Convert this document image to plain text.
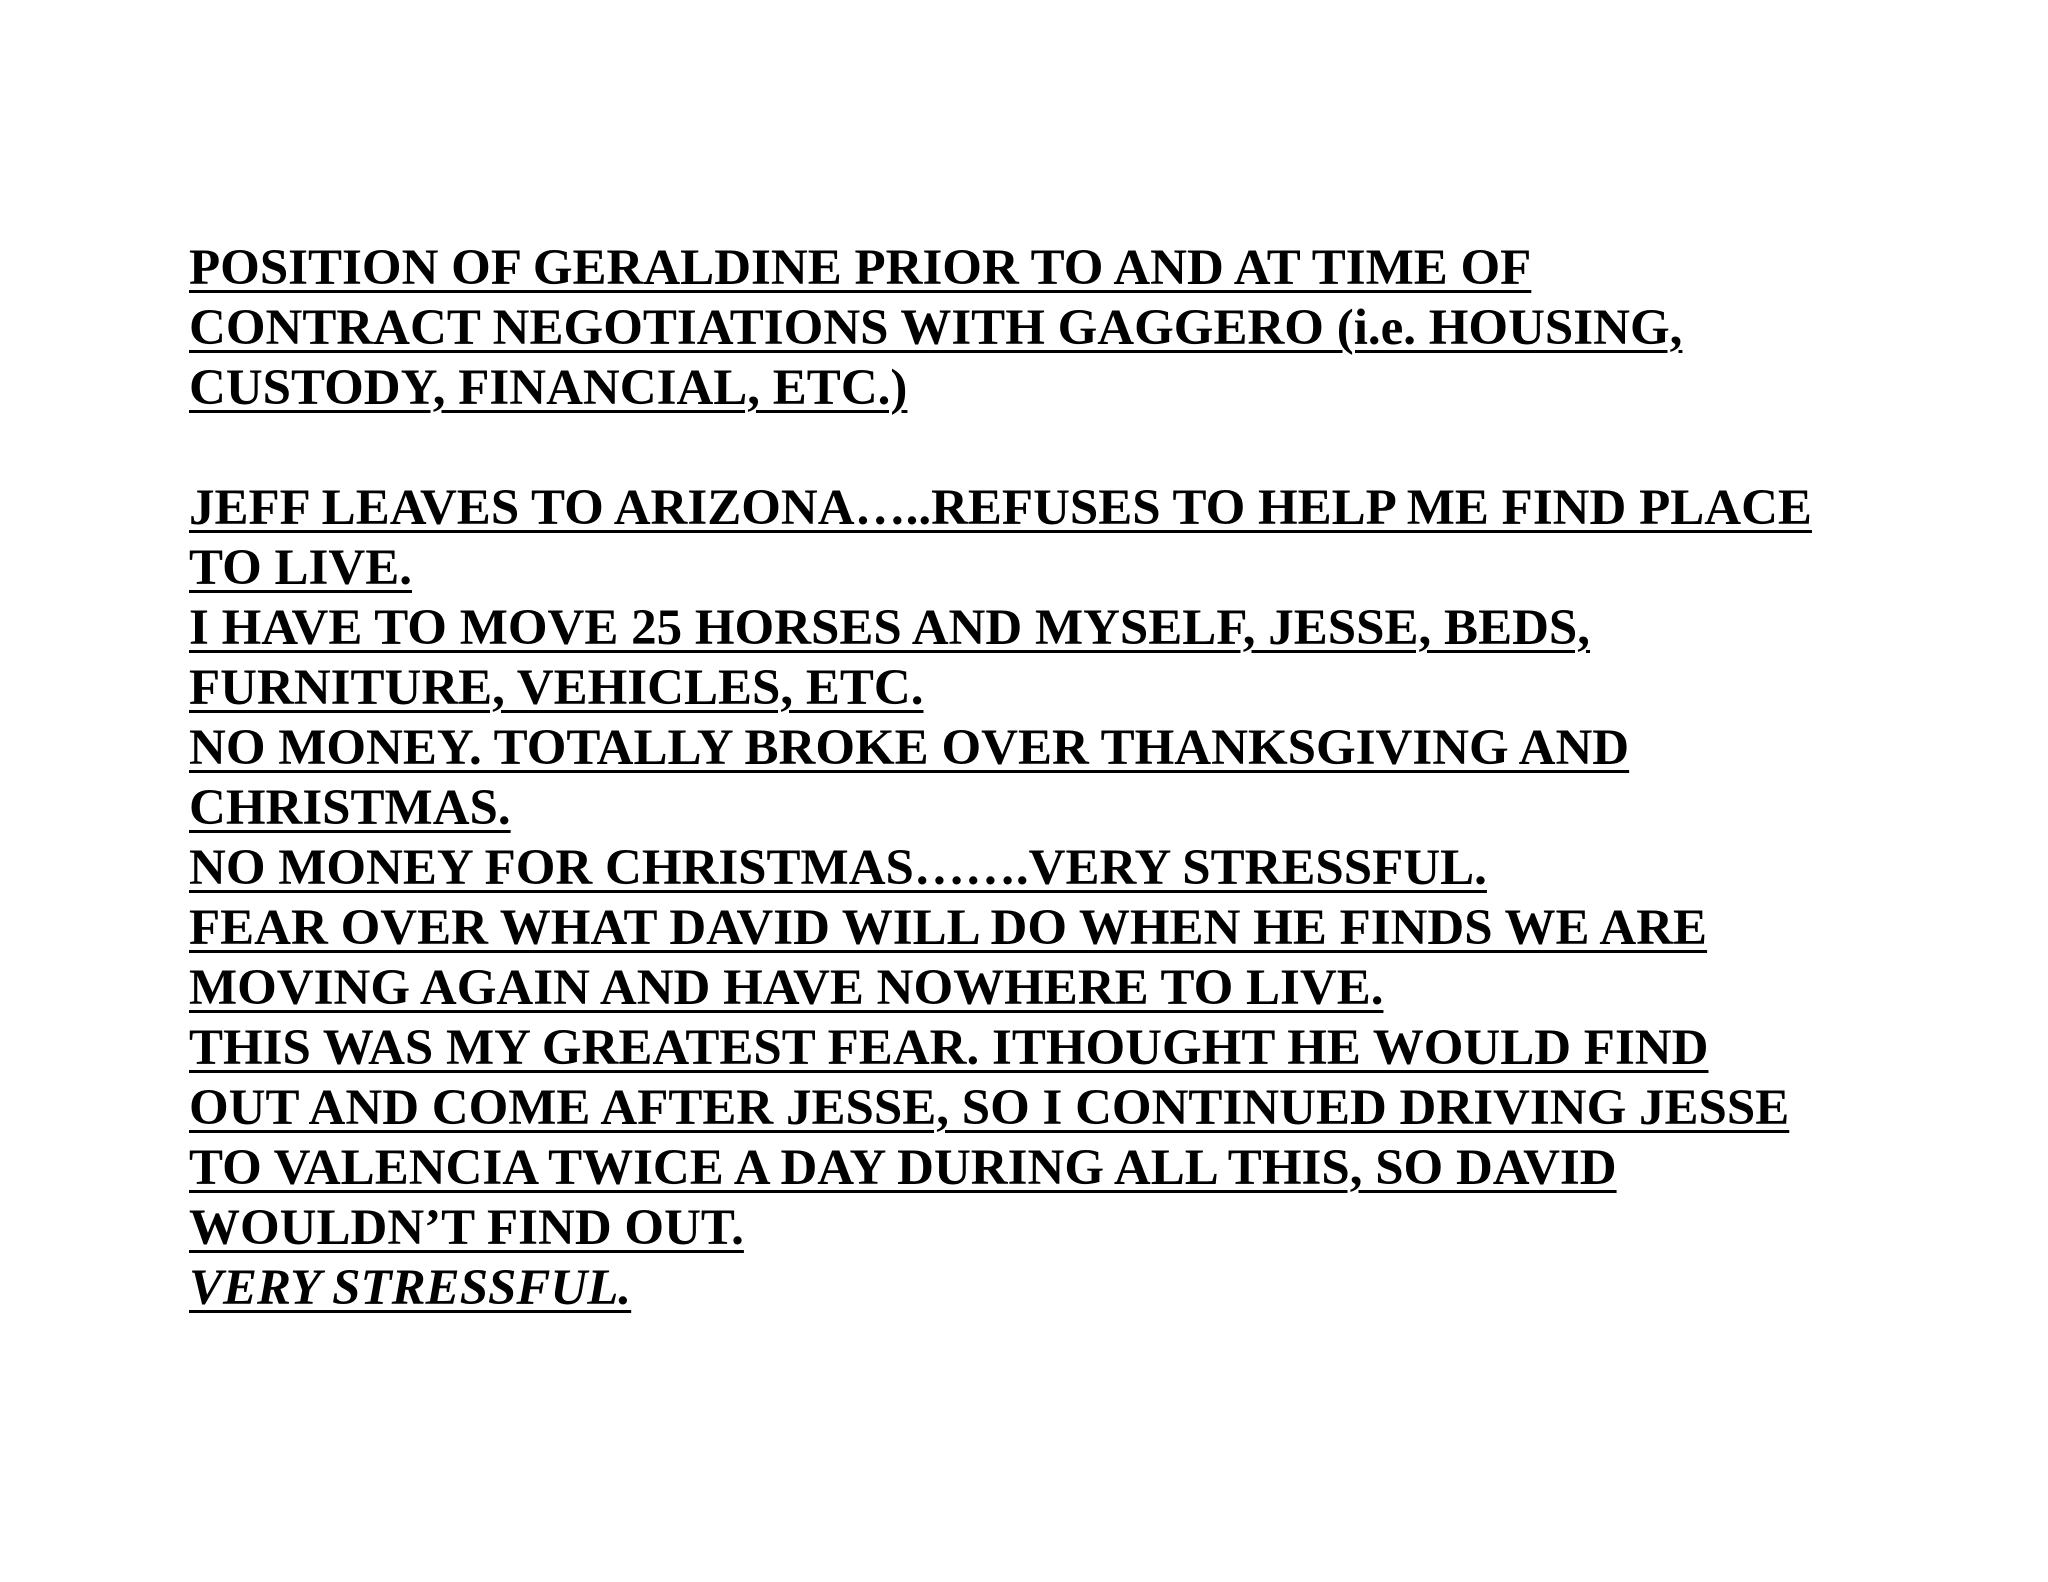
POSITION OF GERALDINE PRIOR TO AND AT TIME OF
CONTRACT NEGOTIATIONS WITH GAGGERO (i.e. HOUSING,
CUSTODY, FINANCIAL, ETC.)
JEFF LEAVES TO ARIZONA…..REFUSES TO HELP ME FIND PLACE
TO LIVE.
I HAVE TO MOVE 25 HORSES AND MYSELF, JESSE, BEDS,
FURNITURE, VEHICLES, ETC.
NO MONEY. TOTALLY BROKE OVER THANKSGIVING AND
CHRISTMAS.
NO MONEY FOR CHRISTMAS…….VERY STRESSFUL.
FEAR OVER WHAT DAVID WILL DO WHEN HE FINDS WE ARE
MOVING AGAIN AND HAVE NOWHERE TO LIVE.
THIS WAS MY GREATEST FEAR. ITHOUGHT HE WOULD FIND
OUT AND COME AFTER JESSE, SO I CONTINUED DRIVING JESSE
TO VALENCIA TWICE A DAY DURING ALL THIS, SO DAVID
WOULDN’T FIND OUT.
VERY STRESSFUL.
